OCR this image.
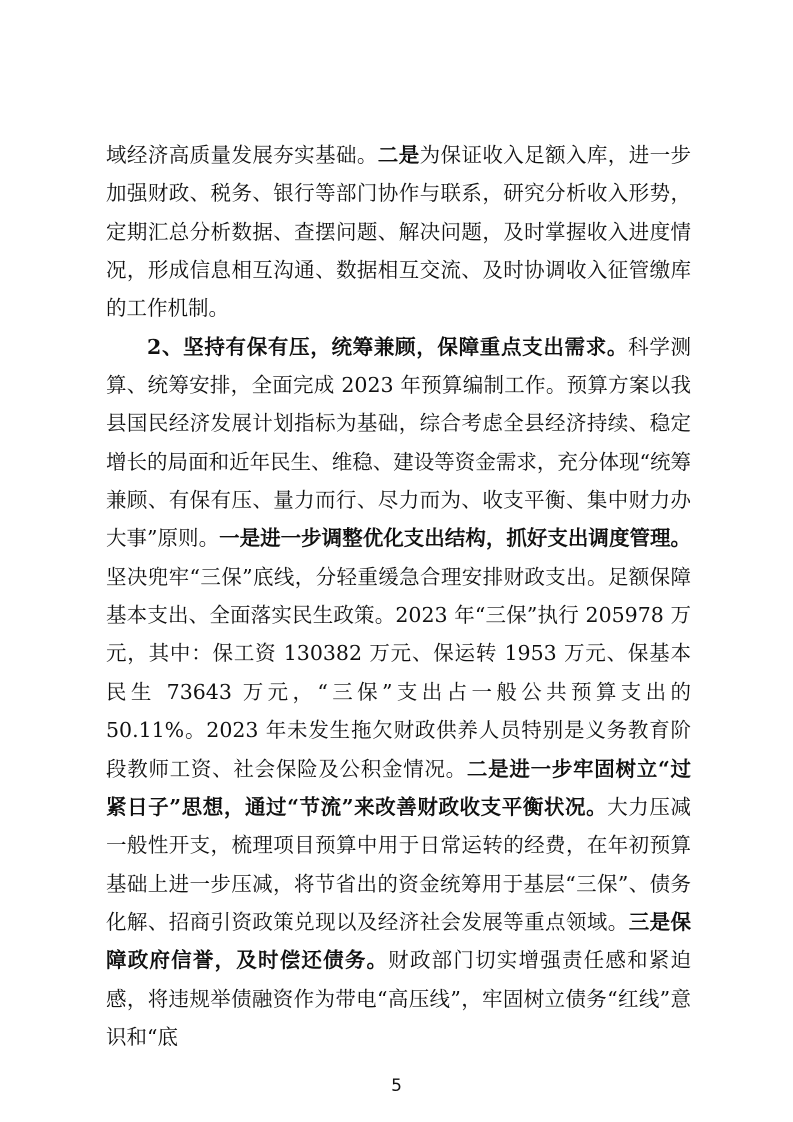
域经济高质量发展夯实基础。二是为保证收入足额入库，进一步加强财政、税务、银行等部门协作与联系，研究分析收入形势，定期汇总分析数据、查摆问题、解决问题，及时掌握收入进度情况，形成信息相互沟通、数据相互交流、及时协调收入征管缴库的工作机制。

2、坚持有保有压，统筹兼顾，保障重点支出需求。科学测算、统筹安排，全面完成 2023 年预算编制工作。预算方案以我县国民经济发展计划指标为基础，综合考虑全县经济持续、稳定增长的局面和近年民生、维稳、建设等资金需求，充分体现“统筹兼顾、有保有压、量力而行、尽力而为、收支平衡、集中财力办大事”原则。一是进一步调整优化支出结构，抓好支出调度管理。坚决兜牢“三保”底线，分轻重缓急合理安排财政支出。足额保障基本支出、全面落实民生政策。2023 年“三保”执行 205978 万元，其中：保工资 130382 万元、保运转 1953 万元、保基本民生 73643 万元，“三保”支出占一般公共预算支出的 50.11%。2023 年未发生拖欠财政供养人员特别是义务教育阶段教师工资、社会保险及公积金情况。二是进一步牢固树立“过紧日子”思想，通过“节流”来改善财政收支平衡状况。大力压减一般性开支，梳理项目预算中用于日常运转的经费，在年初预算基础上进一步压减，将节省出的资金统筹用于基层“三保”、债务化解、招商引资政策兑现以及经济社会发展等重点领域。三是保障政府信誉，及时偿还债务。财政部门切实增强责任感和紧迫感，将违规举债融资作为带电“高压线”，牢固树立债务“红线”意识和“底

5
